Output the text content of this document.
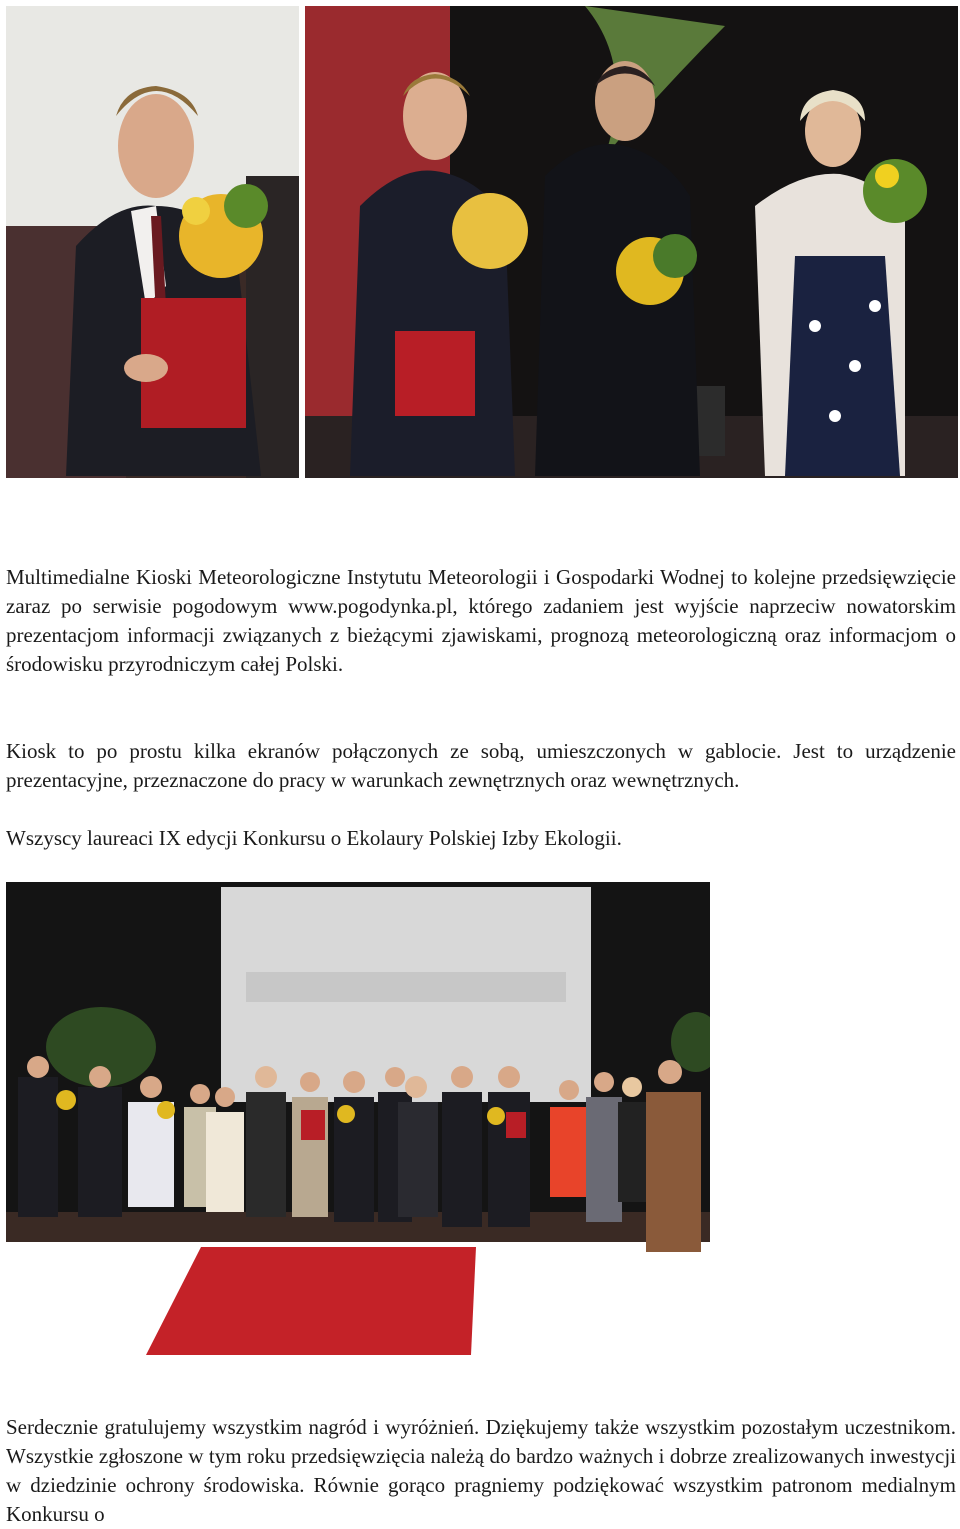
Multimedialne Kioski Meteorologiczne Instytutu Meteorologii i Gospodarki Wodnej to kolejne przedsięwzięcie zaraz po serwisie pogodowym www.pogodynka.pl, którego zadaniem jest wyjście naprzeciw nowatorskim prezentacjom informacji związanych z bieżącymi zjawiskami, prognozą meteorologiczną oraz informacjom o środowisku przyrodniczym całej Polski.

Kiosk to po prostu kilka ekranów połączonych ze sobą, umieszczonych w gablocie. Jest to urządzenie prezentacyjne, przeznaczone do pracy w warunkach zewnętrznych oraz wewnętrznych.

Wszyscy laureaci IX edycji Konkursu o Ekolaury Polskiej Izby Ekologii.

Serdecznie gratulujemy wszystkim nagród i wyróżnień. Dziękujemy także wszystkim pozostałym uczestnikom. Wszystkie zgłoszone w tym roku przedsięwzięcia należą do bardzo ważnych i dobrze zrealizowanych inwestycji w dziedzinie ochrony środowiska. Równie gorąco pragniemy podziękować wszystkim patronom medialnym Konkursu o
